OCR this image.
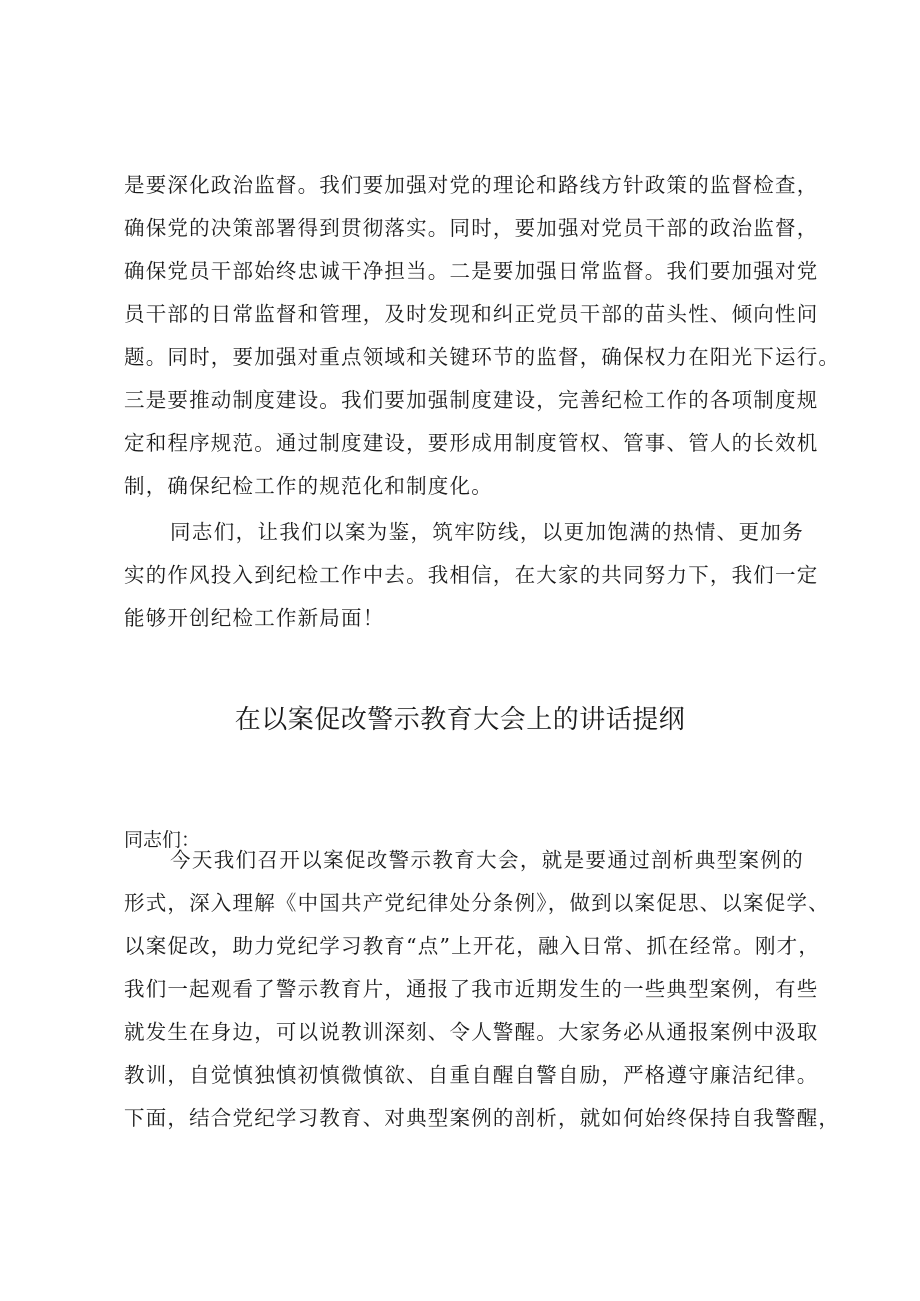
是要深化政治监督。我们要加强对党的理论和路线方针政策的监督检查，
确保党的决策部署得到贯彻落实。同时，要加强对党员干部的政治监督，
确保党员干部始终忠诚干净担当。二是要加强日常监督。我们要加强对党
员干部的日常监督和管理，及时发现和纠正党员干部的苗头性、倾向性问
题。同时，要加强对重点领域和关键环节的监督，确保权力在阳光下运行。
三是要推动制度建设。我们要加强制度建设，完善纪检工作的各项制度规
定和程序规范。通过制度建设，要形成用制度管权、管事、管人的长效机
制，确保纪检工作的规范化和制度化。
同志们，让我们以案为鉴，筑牢防线，以更加饱满的热情、更加务
实的作风投入到纪检工作中去。我相信，在大家的共同努力下，我们一定
能够开创纪检工作新局面！
在以案促改警示教育大会上的讲话提纲
同志们：
今天我们召开以案促改警示教育大会，就是要通过剖析典型案例的
形式，深入理解《中国共产党纪律处分条例》，做到以案促思、以案促学、
以案促改，助力党纪学习教育“点”上开花，融入日常、抓在经常。刚才，
我们一起观看了警示教育片，通报了我市近期发生的一些典型案例，有些
就发生在身边，可以说教训深刻、令人警醒。大家务必从通报案例中汲取
教训，自觉慎独慎初慎微慎欲、自重自醒自警自励，严格遵守廉洁纪律。
下面，结合党纪学习教育、对典型案例的剖析，就如何始终保持自我警醒，
